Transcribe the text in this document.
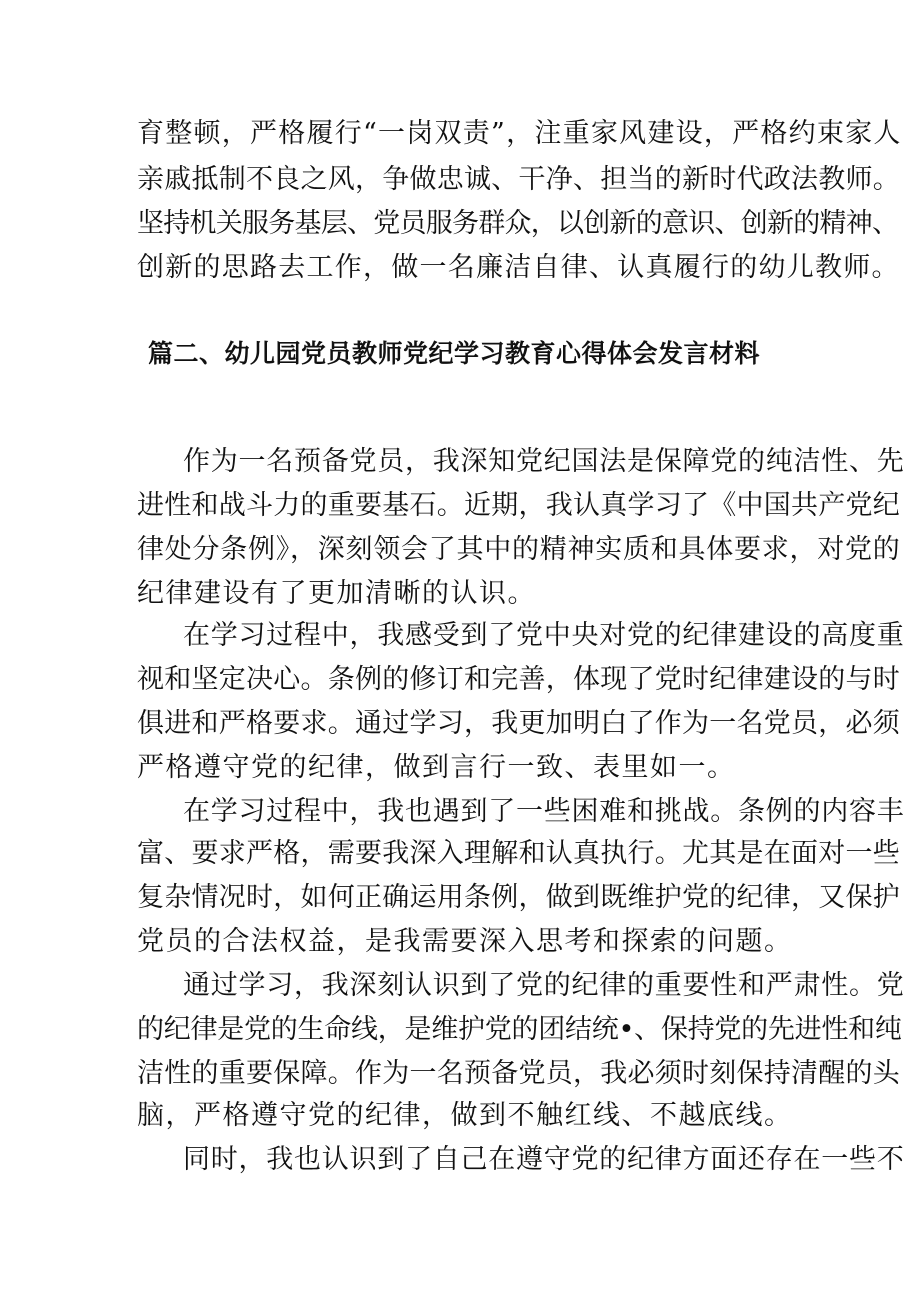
育整顿，严格履行“一岗双责”，注重家风建设，严格约束家人
亲戚抵制不良之风，争做忠诚、干净、担当的新时代政法教师。
坚持机关服务基层、党员服务群众，以创新的意识、创新的精神、
创新的思路去工作，做一名廉洁自律、认真履行的幼儿教师。
篇二、幼儿园党员教师党纪学习教育心得体会发言材料
作为一名预备党员，我深知党纪国法是保障党的纯洁性、先
进性和战斗力的重要基石。近期，我认真学习了《中国共产党纪
律处分条例》，深刻领会了其中的精神实质和具体要求，对党的
纪律建设有了更加清晰的认识。
在学习过程中，我感受到了党中央对党的纪律建设的高度重
视和坚定决心。条例的修订和完善，体现了党时纪律建设的与时
俱进和严格要求。通过学习，我更加明白了作为一名党员，必须
严格遵守党的纪律，做到言行一致、表里如一。
在学习过程中，我也遇到了一些困难和挑战。条例的内容丰
富、要求严格，需要我深入理解和认真执行。尤其是在面对一些
复杂情况时，如何正确运用条例，做到既维护党的纪律，又保护
党员的合法权益，是我需要深入思考和探索的问题。
通过学习，我深刻认识到了党的纪律的重要性和严肃性。党
的纪律是党的生命线，是维护党的团结统•、保持党的先进性和纯
洁性的重要保障。作为一名预备党员，我必须时刻保持清醒的头
脑，严格遵守党的纪律，做到不触红线、不越底线。
同时，我也认识到了自己在遵守党的纪律方面还存在一些不
